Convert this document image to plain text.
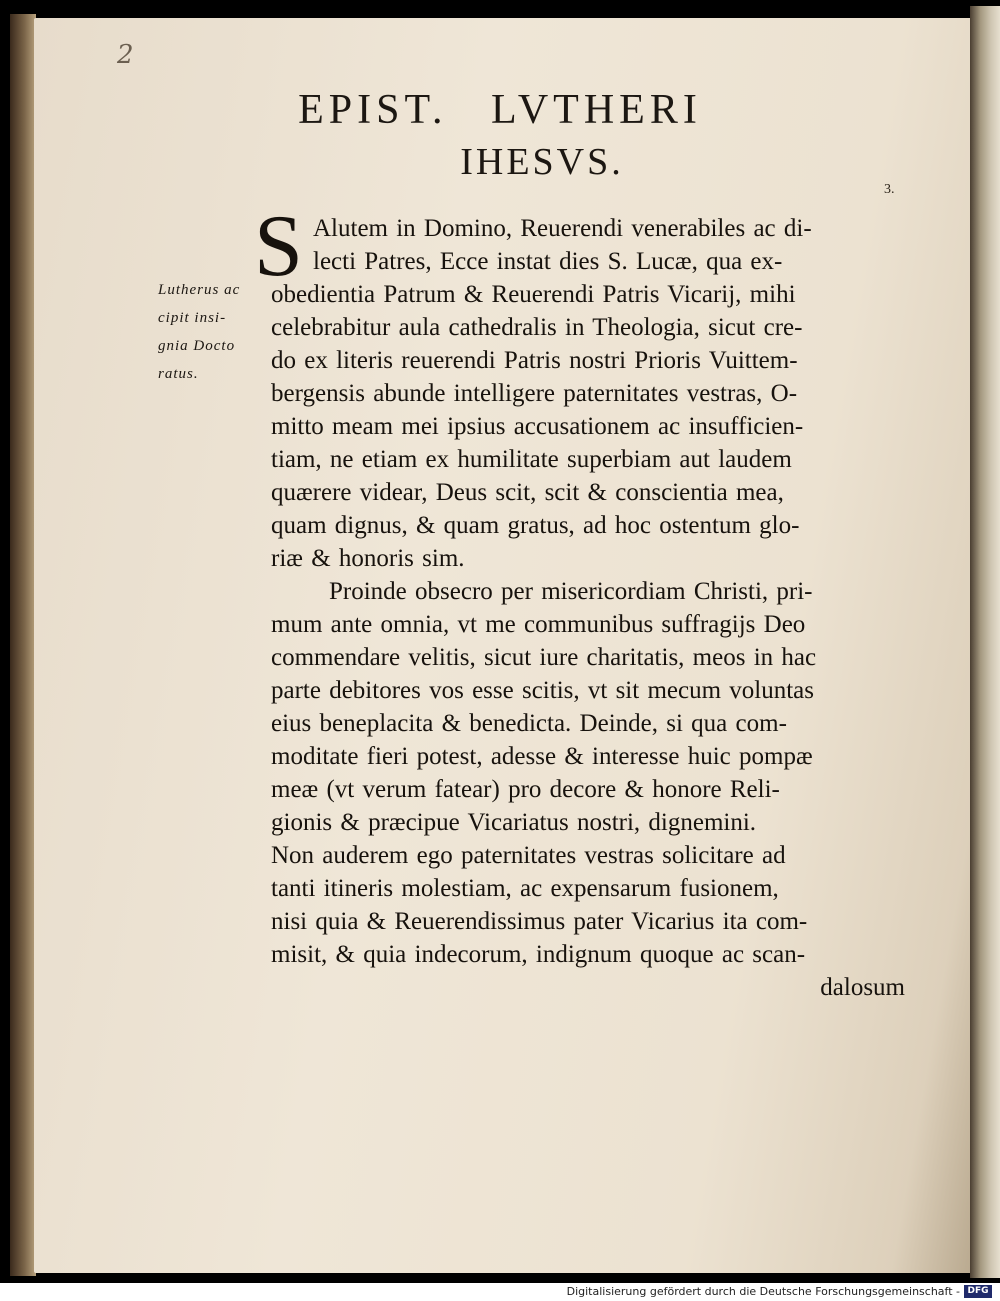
2
EPIST. LVTHERI
IHESVS.
3.
S
Lutherus ac
cipit insi-
gnia Docto
ratus.
Alutem in Domino, Reuerendi venerabiles ac di-
lecti Patres, Ecce instat dies S. Lucæ, qua ex-
obedientia Patrum & Reuerendi Patris Vicarij, mihi
celebrabitur aula cathedralis in Theologia, sicut cre-
do ex literis reuerendi Patris nostri Prioris Vuittem-
bergensis abunde intelligere paternitates vestras, O-
mitto meam mei ipsius accusationem ac insufficien-
tiam, ne etiam ex humilitate superbiam aut laudem
quærere videar, Deus scit, scit & conscientia mea,
quam dignus, & quam gratus, ad hoc ostentum glo-
riæ & honoris sim.
Proinde obsecro per misericordiam Christi, pri-
mum ante omnia, vt me communibus suffragijs Deo
commendare velitis, sicut iure charitatis, meos in hac
parte debitores vos esse scitis, vt sit mecum voluntas
eius beneplacita & benedicta. Deinde, si qua com-
moditate fieri potest, adesse & interesse huic pompæ
meæ (vt verum fatear) pro decore & honore Reli-
gionis & præcipue Vicariatus nostri, dignemini.
Non auderem ego paternitates vestras solicitare ad
tanti itineris molestiam, ac expensarum fusionem,
nisi quia & Reuerendissimus pater Vicarius ita com-
misit, & quia indecorum, indignum quoque ac scan-
dalosum
Digitalisierung gefördert durch die Deutsche Forschungsgemeinschaft - DFG
